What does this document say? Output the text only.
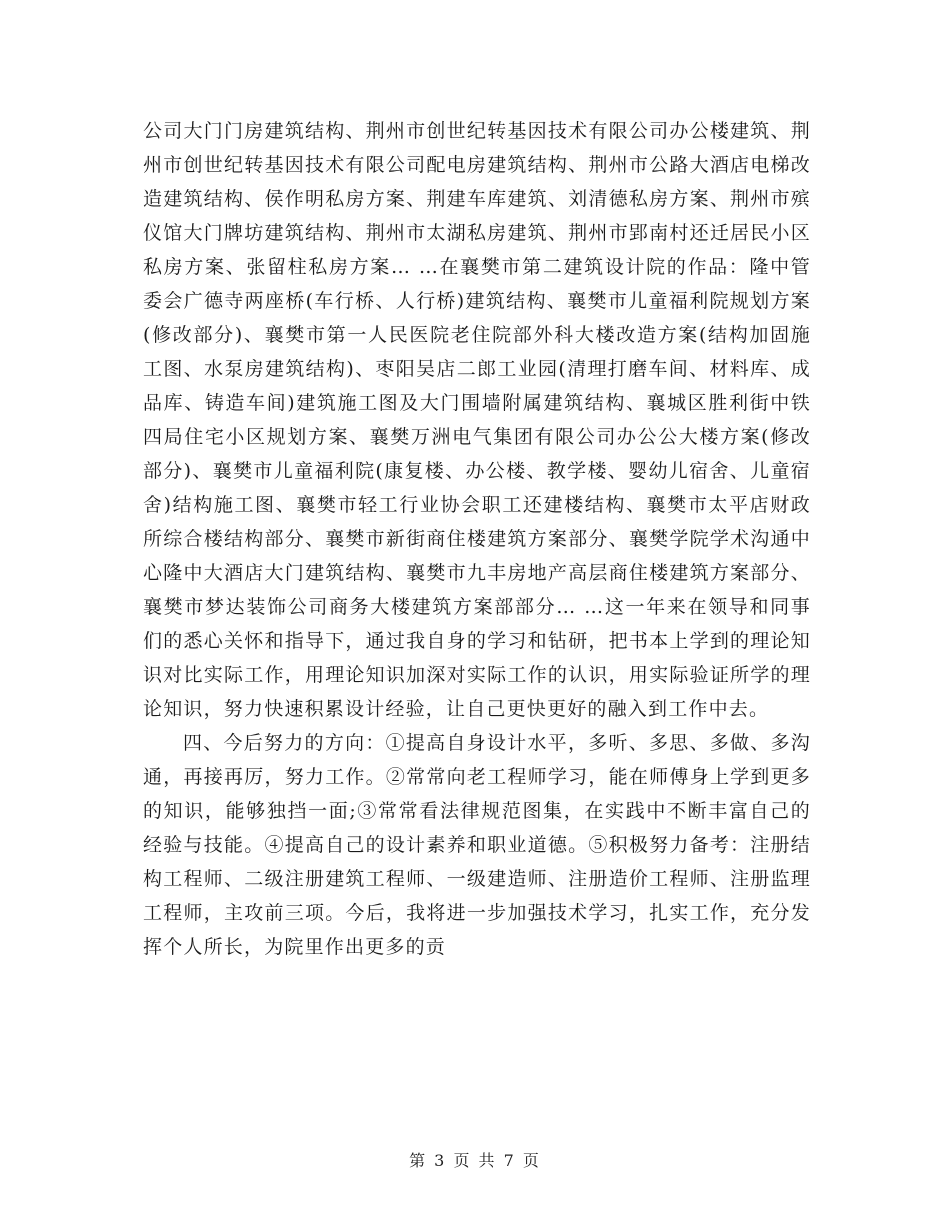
公司大门门房建筑结构、荆州市创世纪转基因技术有限公司办公楼建筑、荆州市创世纪转基因技术有限公司配电房建筑结构、荆州市公路大酒店电梯改造建筑结构、侯作明私房方案、荆建车库建筑、刘清德私房方案、荆州市殡仪馆大门牌坊建筑结构、荆州市太湖私房建筑、荆州市郢南村还迁居民小区私房方案、张留柱私房方案… …在襄樊市第二建筑设计院的作品：隆中管委会广德寺两座桥(车行桥、人行桥)建筑结构、襄樊市儿童福利院规划方案(修改部分)、襄樊市第一人民医院老住院部外科大楼改造方案(结构加固施工图、水泵房建筑结构)、枣阳吴店二郎工业园(清理打磨车间、材料库、成品库、铸造车间)建筑施工图及大门围墙附属建筑结构、襄城区胜利街中铁四局住宅小区规划方案、襄樊万洲电气集团有限公司办公公大楼方案(修改部分)、襄樊市儿童福利院(康复楼、办公楼、教学楼、婴幼儿宿舍、儿童宿舍)结构施工图、襄樊市轻工行业协会职工还建楼结构、襄樊市太平店财政所综合楼结构部分、襄樊市新街商住楼建筑方案部分、襄樊学院学术沟通中心隆中大酒店大门建筑结构、襄樊市九丰房地产高层商住楼建筑方案部分、襄樊市梦达装饰公司商务大楼建筑方案部部分… …这一年来在领导和同事们的悉心关怀和指导下，通过我自身的学习和钻研，把书本上学到的理论知识对比实际工作，用理论知识加深对实际工作的认识，用实际验证所学的理论知识，努力快速积累设计经验，让自己更快更好的融入到工作中去。

四、今后努力的方向：①提高自身设计水平，多听、多思、多做、多沟通，再接再厉，努力工作。②常常向老工程师学习，能在师傅身上学到更多的知识，能够独挡一面;③常常看法律规范图集，在实践中不断丰富自己的经验与技能。④提高自己的设计素养和职业道德。⑤积极努力备考：注册结构工程师、二级注册建筑工程师、一级建造师、注册造价工程师、注册监理工程师，主攻前三项。今后，我将进一步加强技术学习，扎实工作，充分发挥个人所长，为院里作出更多的贡

第 3 页 共 7 页
